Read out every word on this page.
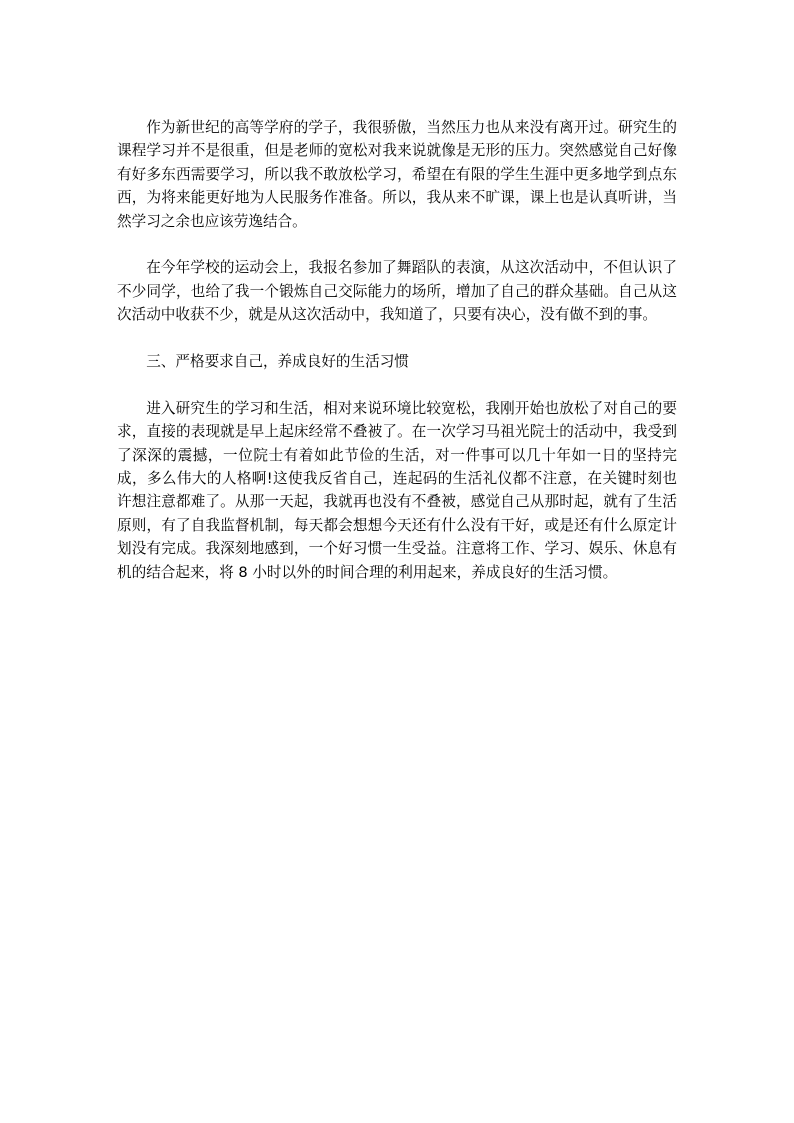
作为新世纪的高等学府的学子，我很骄傲，当然压力也从来没有离开过。研究生的课程学习并不是很重，但是老师的宽松对我来说就像是无形的压力。突然感觉自己好像有好多东西需要学习，所以我不敢放松学习，希望在有限的学生生涯中更多地学到点东西，为将来能更好地为人民服务作准备。所以，我从来不旷课，课上也是认真听讲，当然学习之余也应该劳逸结合。

在今年学校的运动会上，我报名参加了舞蹈队的表演，从这次活动中，不但认识了不少同学，也给了我一个锻炼自己交际能力的场所，增加了自己的群众基础。自己从这次活动中收获不少，就是从这次活动中，我知道了，只要有决心，没有做不到的事。

三、严格要求自己，养成良好的生活习惯

进入研究生的学习和生活，相对来说环境比较宽松，我刚开始也放松了对自己的要求，直接的表现就是早上起床经常不叠被了。在一次学习马祖光院士的活动中，我受到了深深的震撼，一位院士有着如此节俭的生活，对一件事可以几十年如一日的坚持完成，多么伟大的人格啊!这使我反省自己，连起码的生活礼仪都不注意，在关键时刻也许想注意都难了。从那一天起，我就再也没有不叠被，感觉自己从那时起，就有了生活原则，有了自我监督机制，每天都会想想今天还有什么没有干好，或是还有什么原定计划没有完成。我深刻地感到，一个好习惯一生受益。注意将工作、学习、娱乐、休息有机的结合起来，将 8 小时以外的时间合理的利用起来，养成良好的生活习惯。
